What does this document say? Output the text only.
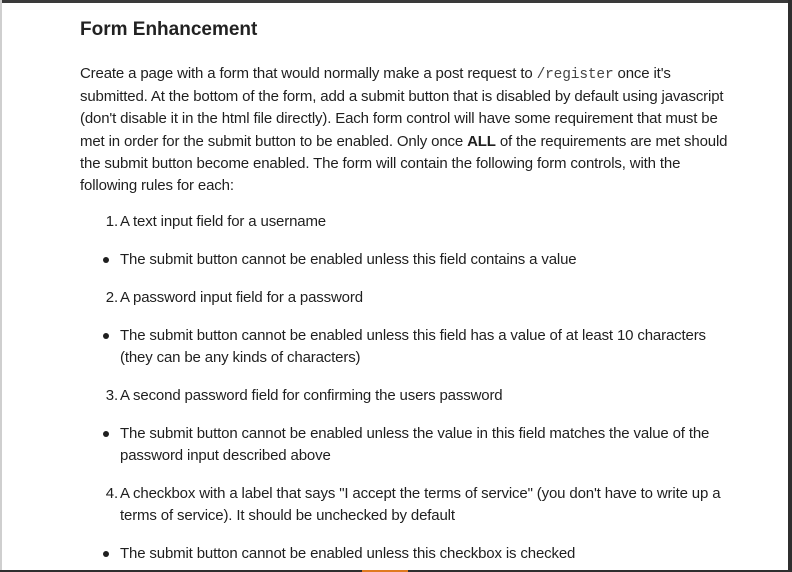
Form Enhancement

Create a page with a form that would normally make a post request to /register once it's submitted. At the bottom of the form, add a submit button that is disabled by default using javascript (don't disable it in the html file directly). Each form control will have some requirement that must be met in order for the submit button to be enabled. Only once ALL of the requirements are met should the submit button become enabled. The form will contain the following form controls, with the following rules for each:

1. A text input field for a username
The submit button cannot be enabled unless this field contains a value
2. A password input field for a password
The submit button cannot be enabled unless this field has a value of at least 10 characters (they can be any kinds of characters)
3. A second password field for confirming the users password
The submit button cannot be enabled unless the value in this field matches the value of the password input described above
4. A checkbox with a label that says "I accept the terms of service" (you don't have to write up a terms of service). It should be unchecked by default
The submit button cannot be enabled unless this checkbox is checked
